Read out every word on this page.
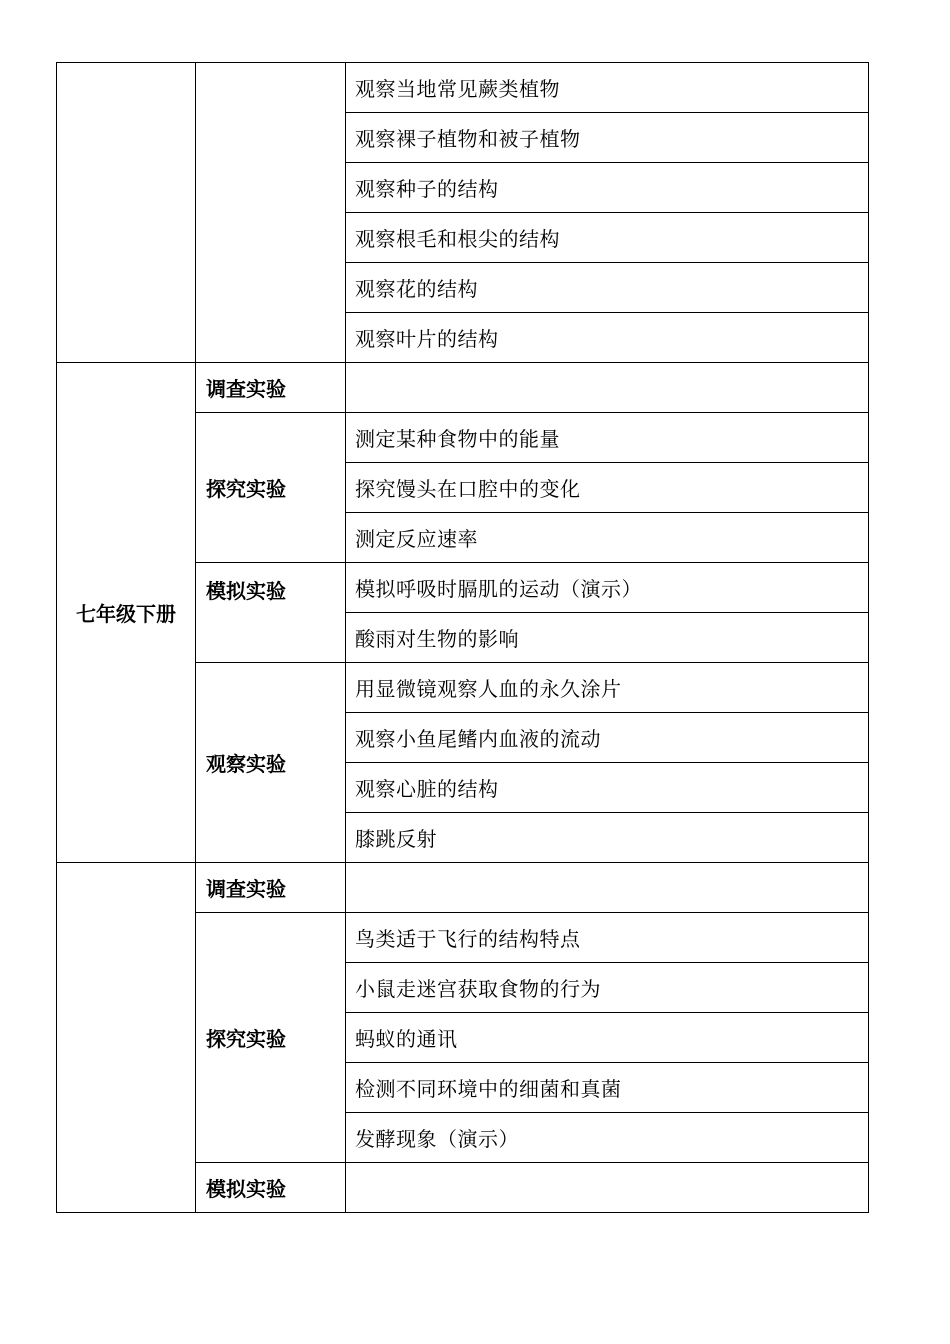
		观察当地常见蕨类植物
		观察裸子植物和被子植物
		观察种子的结构
		观察根毛和根尖的结构
		观察花的结构
		观察叶片的结构
七年级下册	调查实验	
	探究实验	测定某种食物中的能量
		探究馒头在口腔中的变化
		测定反应速率
	模拟实验	模拟呼吸时膈肌的运动（演示）
		酸雨对生物的影响
	观察实验	用显微镜观察人血的永久涂片
		观察小鱼尾鳍内血液的流动
		观察心脏的结构
		膝跳反射
	调查实验	
	探究实验	鸟类适于飞行的结构特点
		小鼠走迷宫获取食物的行为
		蚂蚁的通讯
		检测不同环境中的细菌和真菌
		发酵现象（演示）
	模拟实验	
